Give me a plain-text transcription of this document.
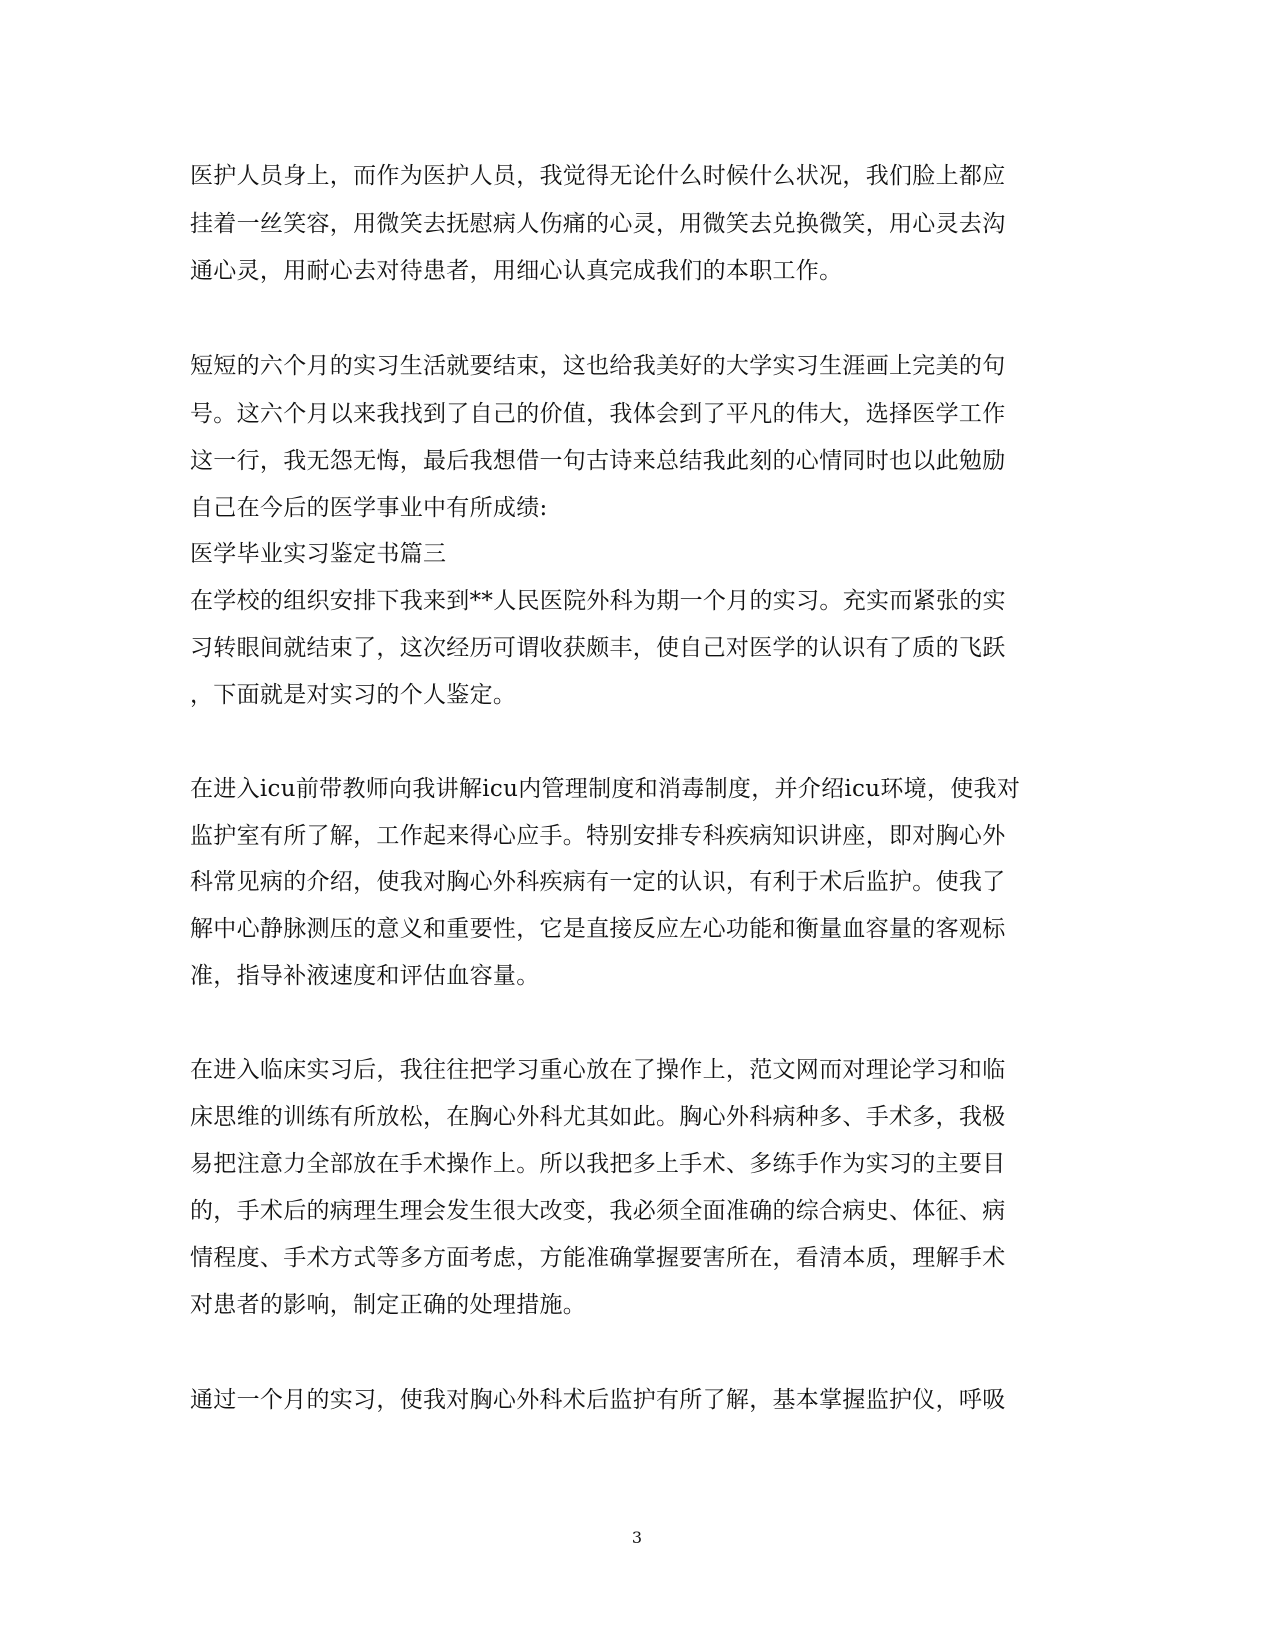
医护人员身上，而作为医护人员，我觉得无论什么时候什么状况，我们脸上都应
挂着一丝笑容，用微笑去抚慰病人伤痛的心灵，用微笑去兑换微笑，用心灵去沟
通心灵，用耐心去对待患者，用细心认真完成我们的本职工作。
短短的六个月的实习生活就要结束，这也给我美好的大学实习生涯画上完美的句
号。这六个月以来我找到了自己的价值，我体会到了平凡的伟大，选择医学工作
这一行，我无怨无悔，最后我想借一句古诗来总结我此刻的心情同时也以此勉励
自己在今后的医学事业中有所成绩:
医学毕业实习鉴定书篇三
在学校的组织安排下我来到**人民医院外科为期一个月的实习。充实而紧张的实
习转眼间就结束了，这次经历可谓收获颇丰，使自己对医学的认识有了质的飞跃
，下面就是对实习的个人鉴定。
在进入icu前带教师向我讲解icu内管理制度和消毒制度，并介绍icu环境，使我对
监护室有所了解，工作起来得心应手。特别安排专科疾病知识讲座，即对胸心外
科常见病的介绍，使我对胸心外科疾病有一定的认识，有利于术后监护。使我了
解中心静脉测压的意义和重要性，它是直接反应左心功能和衡量血容量的客观标
准，指导补液速度和评估血容量。
在进入临床实习后，我往往把学习重心放在了操作上，范文网而对理论学习和临
床思维的训练有所放松，在胸心外科尤其如此。胸心外科病种多、手术多，我极
易把注意力全部放在手术操作上。所以我把多上手术、多练手作为实习的主要目
的，手术后的病理生理会发生很大改变，我必须全面准确的综合病史、体征、病
情程度、手术方式等多方面考虑，方能准确掌握要害所在，看清本质，理解手术
对患者的影响，制定正确的处理措施。
通过一个月的实习，使我对胸心外科术后监护有所了解，基本掌握监护仪，呼吸
3
